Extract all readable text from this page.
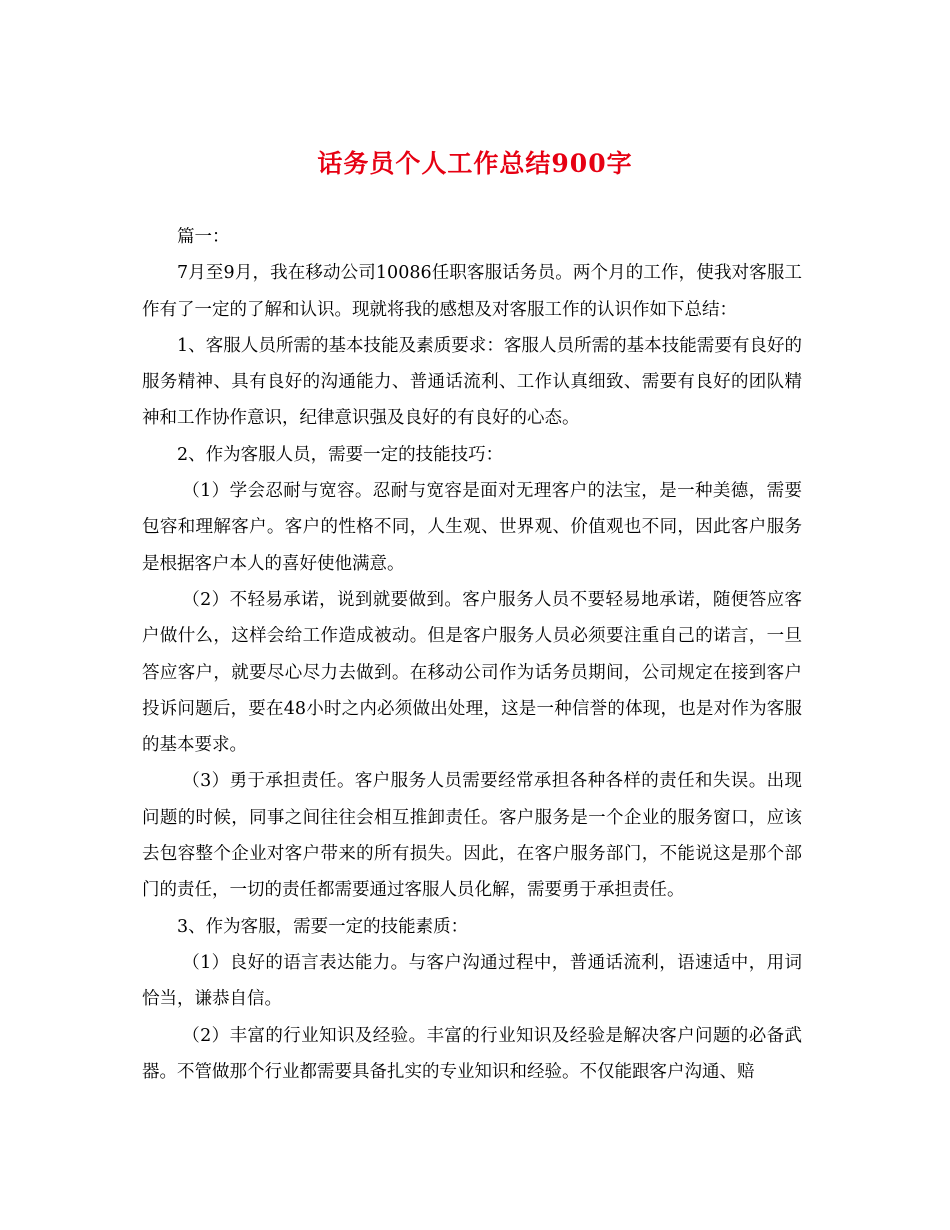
话务员个人工作总结900字

篇一：

7月至9月，我在移动公司10086任职客服话务员。两个月的工作，使我对客服工作有了一定的了解和认识。现就将我的感想及对客服工作的认识作如下总结：

1、客服人员所需的基本技能及素质要求：客服人员所需的基本技能需要有良好的服务精神、具有良好的沟通能力、普通话流利、工作认真细致、需要有良好的团队精神和工作协作意识，纪律意识强及良好的有良好的心态。

2、作为客服人员，需要一定的技能技巧：

（1）学会忍耐与宽容。忍耐与宽容是面对无理客户的法宝，是一种美德，需要包容和理解客户。客户的性格不同，人生观、世界观、价值观也不同，因此客户服务是根据客户本人的喜好使他满意。

（2）不轻易承诺，说到就要做到。客户服务人员不要轻易地承诺，随便答应客户做什么，这样会给工作造成被动。但是客户服务人员必须要注重自己的诺言，一旦答应客户，就要尽心尽力去做到。在移动公司作为话务员期间，公司规定在接到客户投诉问题后，要在48小时之内必须做出处理，这是一种信誉的体现，也是对作为客服的基本要求。

（3）勇于承担责任。客户服务人员需要经常承担各种各样的责任和失误。出现问题的时候，同事之间往往会相互推卸责任。客户服务是一个企业的服务窗口，应该去包容整个企业对客户带来的所有损失。因此，在客户服务部门，不能说这是那个部门的责任，一切的责任都需要通过客服人员化解，需要勇于承担责任。

3、作为客服，需要一定的技能素质：

（1）良好的语言表达能力。与客户沟通过程中，普通话流利，语速适中，用词恰当，谦恭自信。

（2）丰富的行业知识及经验。丰富的行业知识及经验是解决客户问题的必备武器。不管做那个行业都需要具备扎实的专业知识和经验。不仅能跟客户沟通、赔
